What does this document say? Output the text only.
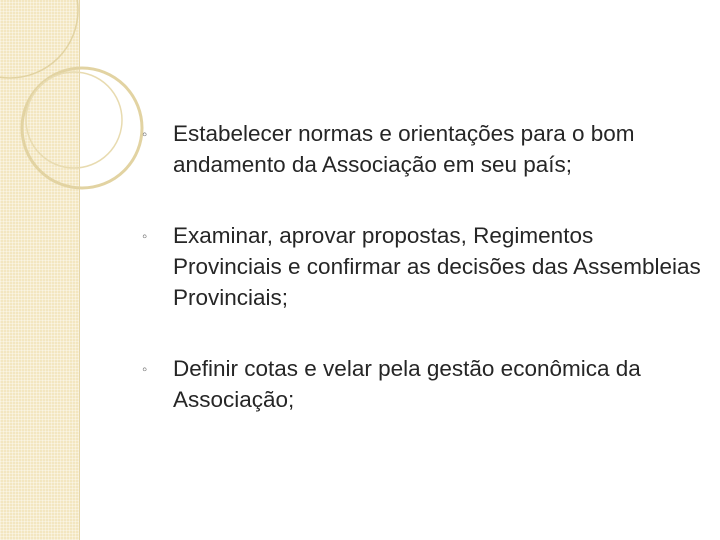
◦ Estabelecer normas e orientações para o bom andamento da Associação em seu país;
◦ Examinar, aprovar propostas, Regimentos Provinciais e confirmar as decisões das Assembleias Provinciais;
◦ Definir cotas e velar pela gestão econômica da Associação;
